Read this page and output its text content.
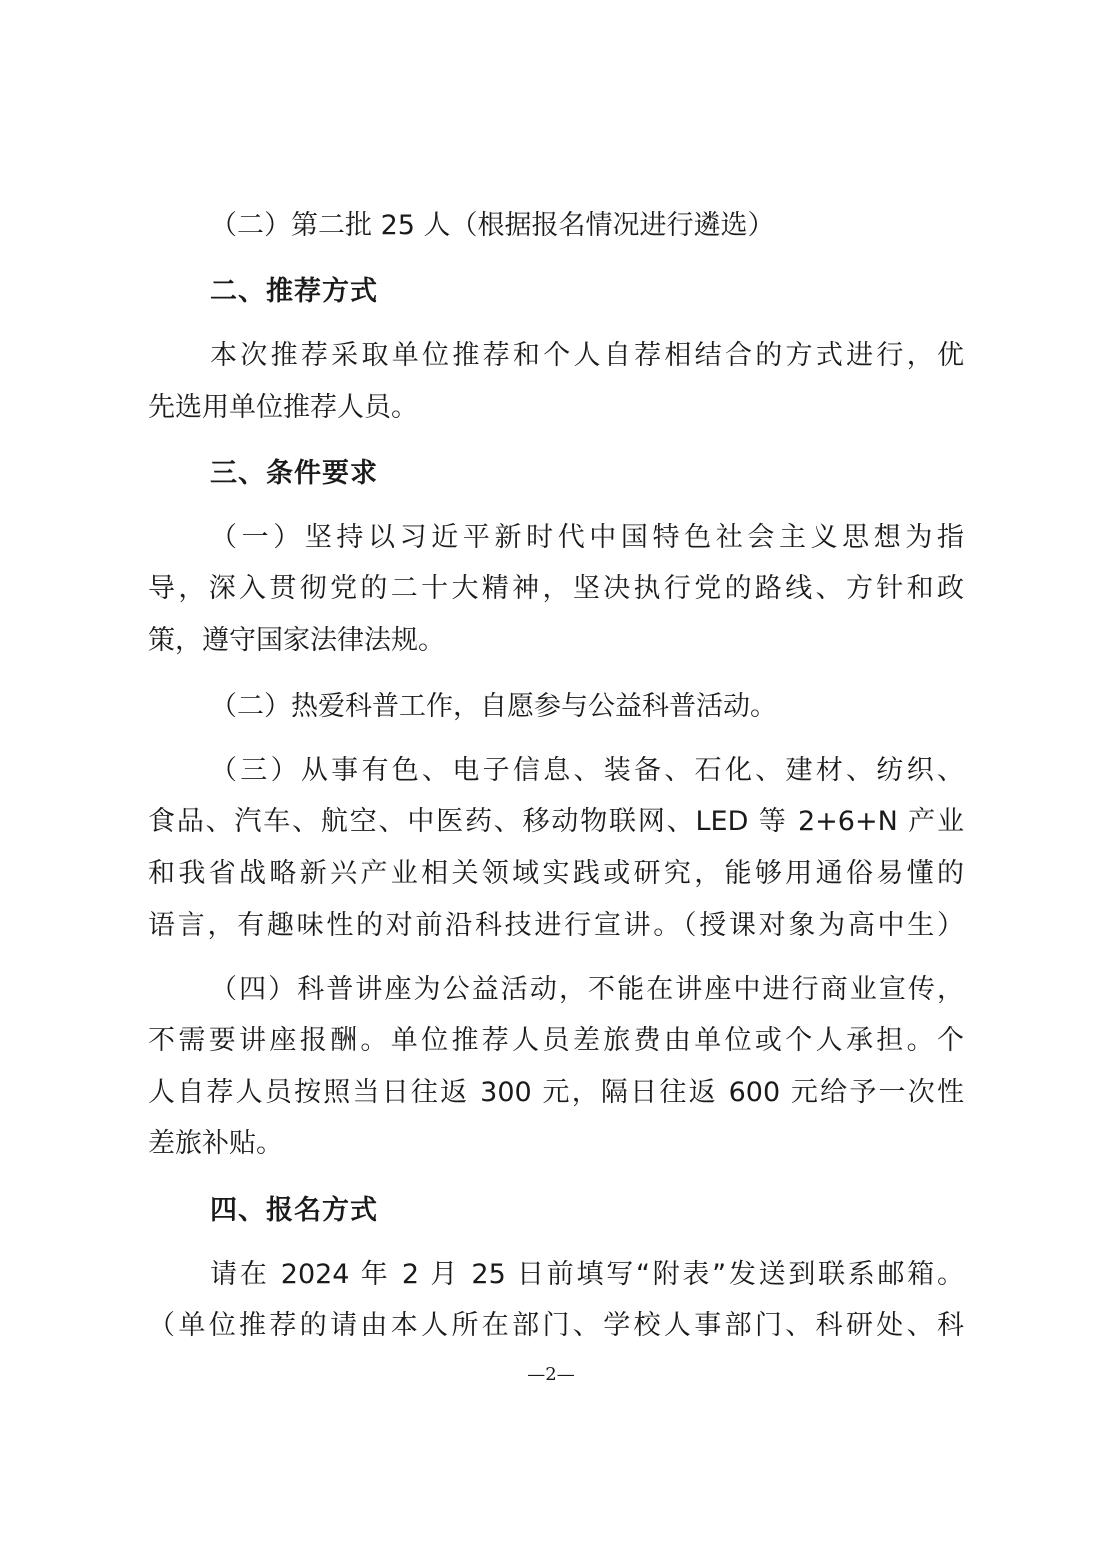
（二）第二批 25 人（根据报名情况进行遴选）
二、推荐方式
本次推荐采取单位推荐和个人自荐相结合的方式进行，优
先选用单位推荐人员。
三、条件要求
（一）坚持以习近平新时代中国特色社会主义思想为指
导，深入贯彻党的二十大精神，坚决执行党的路线、方针和政
策，遵守国家法律法规。
（二）热爱科普工作，自愿参与公益科普活动。
（三）从事有色、电子信息、装备、石化、建材、纺织、
食品、汽车、航空、中医药、移动物联网、LED 等 2+6+N 产业
和我省战略新兴产业相关领域实践或研究，能够用通俗易懂的
语言，有趣味性的对前沿科技进行宣讲。（授课对象为高中生）
（四）科普讲座为公益活动，不能在讲座中进行商业宣传，
不需要讲座报酬。单位推荐人员差旅费由单位或个人承担。个
人自荐人员按照当日往返 300 元，隔日往返 600 元给予一次性
差旅补贴。
四、报名方式
请在 2024 年 2 月 25 日前填写“附表”发送到联系邮箱。
（单位推荐的请由本人所在部门、学校人事部门、科研处、科
—2—
